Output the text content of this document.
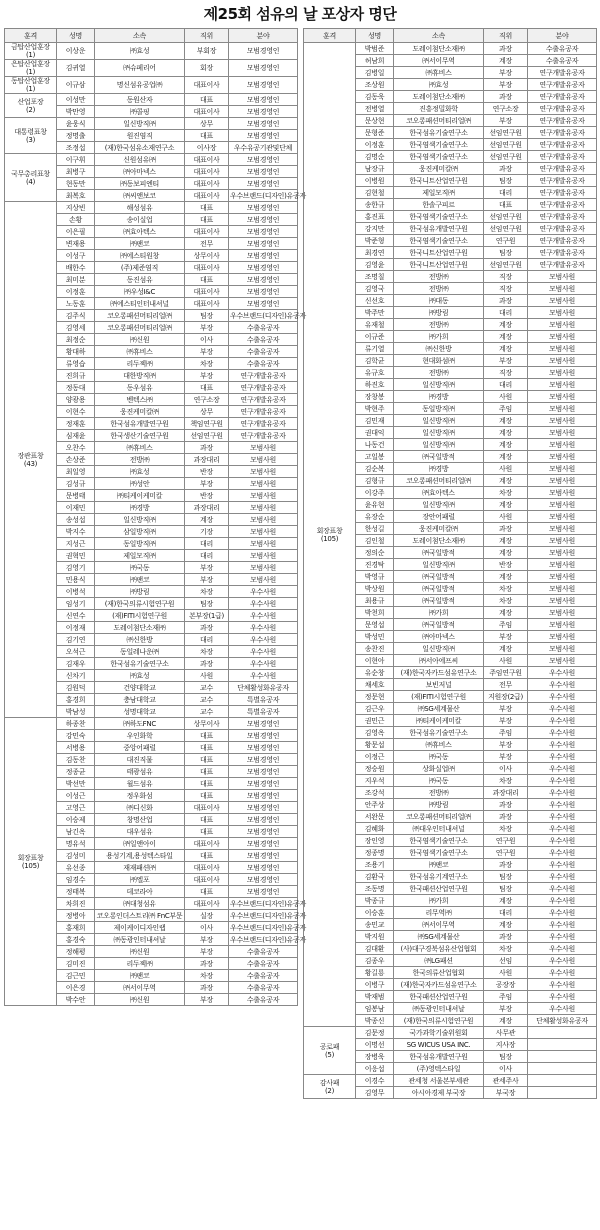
제25회 섬유의 날 포상자 명단
훈격	성명	소속	직위	분야
금탑산업훈장
(1)	이상운	㈜효성	부회장	모범경영인
은탑산업훈장
(1)	김귀열	㈜슈페리어	회장	모범경영인
동탑산업훈장
(1)	이규삼	명신섬유공업㈜	대표이사	모범경영인
산업포장
(2)	이성만	동원산자	대표	모범경영인
	박만영	㈜콜핑	대표이사	모범경영인
대통령표창
(3)	윤웅식	일신방직㈜	상무	모범경영인
	정명출	원진염직	대표	모범경영인
	조정섭	(재)한국섬유소재연구소	이사장	우수유공기관및단체
국무총리표창
(4)	이구휘	신원섬유㈜	대표이사	모범경영인
	최병구	㈜아마넥스	대표이사	모범경영인
	현동만	㈜동보피엔티	대표이사	모범경영인
	최복호	㈜씨앤보코	대표이사	우수브랜드(디자인)유공자
장관표창
(43)	지상빈	해성섬유	대표	모범경영인
	손황	송이실업	대표	모범경영인
	이은필	㈜효아텍스	대표이사	모범경영인
	변재용	㈜팬코	전무	모범경영인
	이성구	㈜에스티원창	상무이사	모범경영인
	배한수	(주)제준염직	대표이사	모범경영인
	최미분	동진섬유	대표	모범경영인
	이정훈	㈜우성I&C	대표이사	모범경영인
	노동훈	㈜에스티인터내셔널	대표이사	모범경영인
	김주식	코오롱패션머티리얼㈜	팀장	우수브랜드(디자인)유공자
	김영세	코오롱패션머티리얼㈜	부장	수출유공자
	최정순	㈜신원	이사	수출유공자
	황대하	㈜휴비스	부장	수출유공자
	류영습	리두젝㈜	차장	수출유공자
	진희규	대한방직㈜	부장	연구개발유공자
	정동대	동우섬유	대표	연구개발유공자
	양광용	벤텍스㈜	연구소장	연구개발유공자
	이현수	웅진케미칼㈜	상무	연구개발유공자
	정재훈	한국섬유개발연구원	책임연구원	연구개발유공자
	심재윤	한국생산기술연구원	선임연구원	연구개발유공자
	오찬수	㈜휴비스	과장	모범사원
	손상준	전방㈜	과장대리	모범사원
	최일영	㈜효성	반장	모범사원
	김성규	㈜성안	부장	모범사원
	문병태	㈜티케이케미칼	반장	모범사원
	이재민	㈜경방	과장대리	모범사원
	송성섭	일신방직㈜	계장	모범사원
	박지수	삼일방직㈜	기장	모범사원
	지성근	동일방직㈜	대리	모범사원
	권혁민	제일모직㈜	대리	모범사원
	김영기	㈜국동	부장	모범사원
	민용식	㈜팬코	부장	모범사원
	이병석	㈜방림	차장	우수사원
	임성기	(재)한국의류시험연구원	팀장	우수사원
	신연수	(재)FITI시험연구원	본부장(1급)	우수사원
	이정재	도레이첨단소재㈜	과장	우수사원
	김기연	㈜신한방	대리	우수사원
	오석근	동일레나운㈜	차장	우수사원
	김재우	한국섬유기술연구소	과장	우수사원
	신차기	㈜효성	사원	우수사원
	김원덕	건양대학교	교수	단체활성화유공자
	홍경희	충남대학교	교수	특별유공자
	박남성	성명대학교	교수	특별유공자
회장표창
(105)	하종찬	㈜하도FNC	상무이사	모범경영인
	강민숙	우인화학	대표	모범경영인
	서병용	중앙어패럴	대표	모범경영인
	김동찬	대진직물	대표	모범경영인
	정종균	태광섬유	대표	모범경영인
	박선만	월드섬유	대표	모범경영인
	이성근	정우화섬	대표	모범경영인
	고영근	㈜디신화	대표이사	모범경영인
	이승제	창명산업	대표	모범경영인
	남긴옥	대우섬유	대표	모범경영인
	명유석	㈜일앤아이	대표이사	모범경영인
	김성미	용성기계,용성텍스타일	대표	모범경영인
	유선종	재재패션㈜	대표이사	모범경영인
	임경수	㈜엘포	대표이사	모범경영인
	정태복	데코라아	대표	모범경영인
	차희진	㈜대청섬유	대표이사	우수브랜드(디자인)유공자
	정병아	코오롱인더스트리㈜ FnC부문	실장	우수브랜드(디자인)유공자
	홍재희	제이케이디자인랩	이사	우수브랜드(디자인)유공자
	홍경숙	㈜동광인터내셔날	부장	우수브랜드(디자인)유공자
	정해평	㈜신원	부장	수출유공자
	김미진	리두젝㈜	과장	수출유공자
	김근민	㈜팬코	차장	수출유공자
	이은경	㈜서이무역	과장	수출유공자
	박수안	㈜신원	부장	수출유공자
훈격	성명	소속	직위	분야
회장표창
(105)	박범준	도레이첨단소재㈜	과장	수출유공자
	허남희	㈜서이무역	계장	수출유공자
	김병일	㈜휴비스	부장	연구개발유공자
	조상원	㈜효성	부장	연구개발유공자
	김동욱	도레이첨단소재㈜	과장	연구개발유공자
	전병열	진흥정밀화학	연구소장	연구개발유공자
	문상현	코오롱패션머티리얼㈜	부장	연구개발유공자
	문형준	한국섬유기술연구소	선임연구원	연구개발유공자
	이정훈	한국염색기술연구소	선임연구원	연구개발유공자
	김명순	한국염색기술연구소	선임연구원	연구개발유공자
	남장규	웅진케미칼㈜	과장	연구개발유공자
	이병원	한국니트산업연구원	팀장	연구개발유공자
	김현철	제일모직㈜	대리	연구개발유공자
	송한규	한솔구피르	대표	연구개발유공자
	홍진표	한국염색기술연구소	선임연구원	연구개발유공자
	강지만	한국섬유개발연구원	선임연구원	연구개발유공자
	박준형	한국염색기술연구소	연구원	연구개발유공자
	최경연	한국니트산업연구원	팀장	연구개발유공자
	김영윤	한국니트산업연구원	선임연구원	연구개발유공자
	조명칠	전방㈜	직장	모범사원
	김영국	전방㈜	직장	모범사원
	신선호	㈜대동	과장	모범사원
	박주만	㈜방림	대리	모범사원
	유재철	전방㈜	계장	모범사원
	이규준	㈜가희	계장	모범사원
	류기열	㈜신한방	계장	모범사원
	김학균	현대화섬㈜	부장	모범사원
	유규호	전방㈜	직장	모범사원
	하진호	일신방직㈜	대리	모범사원
	장창봉	㈜경방	사원	모범사원
	박현주	동일방직㈜	주임	모범사원
	김민재	일신방직㈜	계장	모범사원
	권대익	일신방직㈜	계장	모범사원
	나동건	일신방직㈜	계장	모범사원
	고일봉	㈜국일방적	계장	모범사원
	김순복	㈜경방	사원	모범사원
	김형규	코오롱패션머티리얼㈜	계장	모범사원
	이강주	㈜효아텍스	차장	모범사원
	윤유현	일신방직㈜	계장	모범사원
	유장순	장안어패럴	사원	모범사원
	한성길	웅진케미칼㈜	과장	모범사원
	김인철	도레이첨단소재㈜	계장	모범사원
	정의순	㈜국일방적	계장	모범사원
	진경탁	일신방직㈜	반장	모범사원
	박영규	㈜국일방적	계장	모범사원
	박상원	㈜국일방적	차장	모범사원
	최용규	㈜국일방적	차장	모범사원
	박천희	㈜가희	계장	모범사원
	문영섭	㈜국일방적	주임	모범사원
	박성민	㈜아마넥스	부장	모범사원
	송찬진	일신방직㈜	계장	모범사원
	이현아	㈜서아에프씨	사원	모범사원
	유순창	(재)한국자카드섬유연구소	주임연구원	우수사원
	채세호	보빈저널	전무	우수사원
	정문현	(재)FITI시험연구원	지원장(2급)	우수사원
	김근우	㈜SG세계물산	부장	우수사원
	권민근	㈜티케이케미칼	부장	우수사원
	김영옥	한국섬유기술연구소	주임	우수사원
	황문섭	㈜휴비스	부장	우수사원
	이정근	㈜국동	부장	우수사원
	정승원	상화실업㈜	이사	우수사원
	지우석	㈜국동	차장	우수사원
	조강석	전방㈜	과장대리	우수사원
	안주상	㈜방림	과장	우수사원
	서완문	코오롱패션머티리얼㈜	과장	우수사원
	김혜화	㈜대우인터내셔널	차장	우수사원
	장인영	한국염색기술연구소	연구원	우수사원
	정종명	한국염색기술연구소	연구원	우수사원
	조용기	㈜팬코	과장	우수사원
	김환국	한국섬유기계연구소	팀장	우수사원
	조동명	한국패션산업연구원	팀장	우수사원
	박종규	㈜가희	계장	우수사원
	이승훈	리무역㈜	대리	우수사원
	송민교	㈜서이무역	계장	우수사원
	박지원	㈜SG세계물산	과장	우수사원
	김대환	(사)대구경북섬유산업협회	차장	우수사원
	김종우	㈜LG패션	선임	우수사원
	황길룡	한국의류산업협회	사원	우수사원
	이병구	(재)한국자카드섬유연구소	공장장	우수사원
	박재범	한국패션산업연구원	주임	우수사원
	임봉남	㈜동광인터내셔날	부장	우수사원
	박종신	(재)한국의류시험연구원	계장	단체활성화유공자
공로패
(5)	김문정	국가과학기술위원회	사무관	
	이명선	SG WICUS USA INC.	지사장	
	장병욱	한국섬유개발연구원	팀장	
	이응섭	(주)영텍스타일	이사	
감사패
(2)	이경수	관세청 서울본부세관	관세주사	
	김영무	아시아경제 부국장	부국장	
